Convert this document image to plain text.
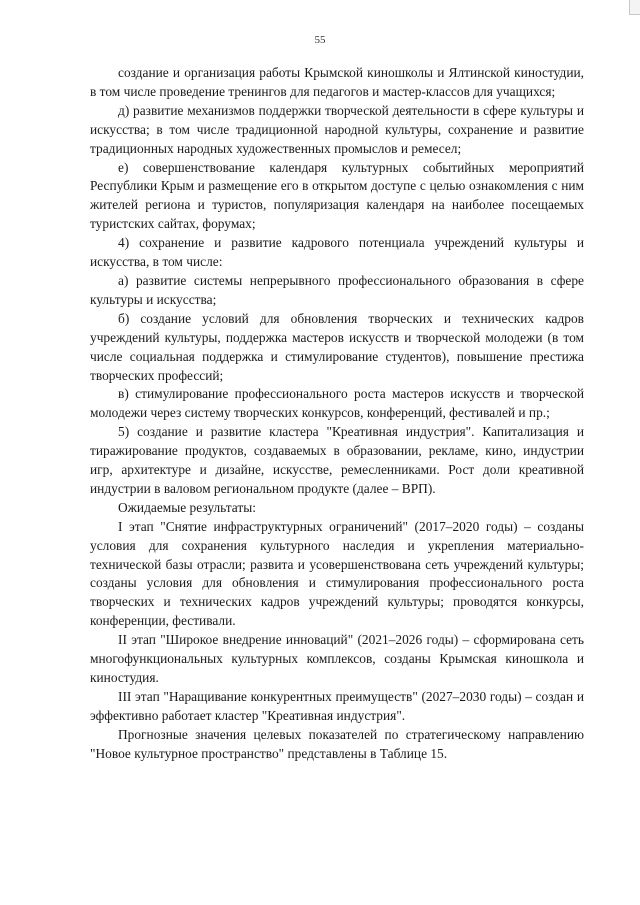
55

создание и организация работы Крымской киношколы и Ялтинской киностудии, в том числе проведение тренингов для педагогов и мастер-классов для учащихся;

д) развитие механизмов поддержки творческой деятельности в сфере культуры и искусства; в том числе традиционной народной культуры, сохранение и развитие традиционных народных художественных промыслов и ремесел;

е) совершенствование календаря культурных событийных мероприятий Республики Крым и размещение его в открытом доступе с целью ознакомления с ним жителей региона и туристов, популяризация календаря на наиболее посещаемых туристских сайтах, форумах;

4) сохранение и развитие кадрового потенциала учреждений культуры и искусства, в том числе:

а) развитие системы непрерывного профессионального образования в сфере культуры и искусства;

б) создание условий для обновления творческих и технических кадров учреждений культуры, поддержка мастеров искусств и творческой молодежи (в том числе социальная поддержка и стимулирование студентов), повышение престижа творческих профессий;

в) стимулирование профессионального роста мастеров искусств и творческой молодежи через систему творческих конкурсов, конференций, фестивалей и пр.;

5) создание и развитие кластера "Креативная индустрия". Капитализация и тиражирование продуктов, создаваемых в образовании, рекламе, кино, индустрии игр, архитектуре и дизайне, искусстве, ремесленниками. Рост доли креативной индустрии в валовом региональном продукте (далее – ВРП).

Ожидаемые результаты:

I этап "Снятие инфраструктурных ограничений" (2017–2020 годы) – созданы условия для сохранения культурного наследия и укрепления материально-технической базы отрасли; развита и усовершенствована сеть учреждений культуры; созданы условия для обновления и стимулирования профессионального роста творческих и технических кадров учреждений культуры; проводятся конкурсы, конференции, фестивали.

II этап "Широкое внедрение инноваций" (2021–2026 годы) – сформирована сеть многофункциональных культурных комплексов, созданы Крымская киношкола и киностудия.

III этап "Наращивание конкурентных преимуществ" (2027–2030 годы) – создан и эффективно работает кластер "Креативная индустрия".

Прогнозные значения целевых показателей по стратегическому направлению "Новое культурное пространство" представлены в Таблице 15.
